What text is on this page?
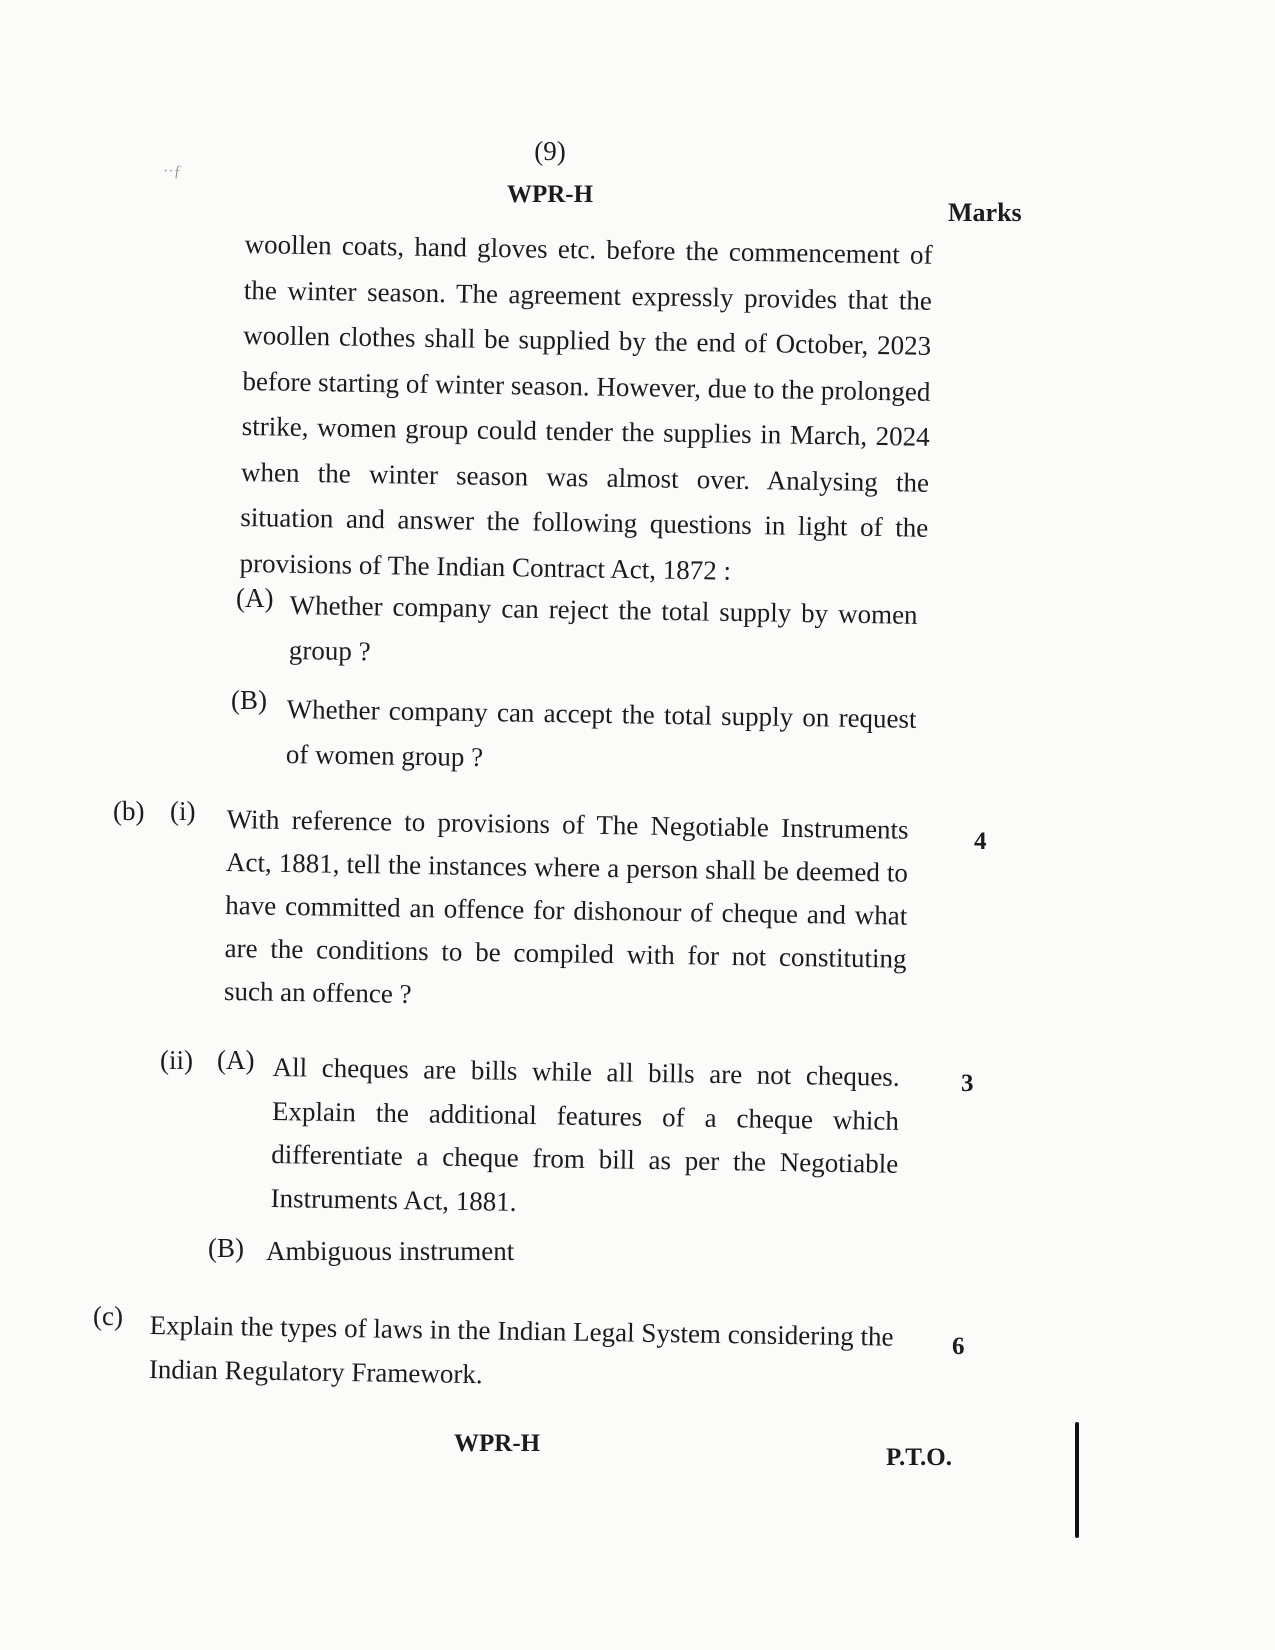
··ƒ
(9)
WPR-H
Marks
woollen coats, hand gloves etc. before the commencement of the winter season. The agreement expressly provides that the woollen clothes shall be supplied by the end of October, 2023 before starting of winter season. However, due to the prolonged strike, women group could tender the supplies in March, 2024 when the winter season was almost over. Analysing the situation and answer the following questions in light of the provisions of The Indian Contract Act, 1872 :
(A) Whether company can reject the total supply by women group ?
(B) Whether company can accept the total supply on request of women group ?
(b) (i) With reference to provisions of The Negotiable Instruments Act, 1881, tell the instances where a person shall be deemed to have committed an offence for dishonour of cheque and what are the conditions to be compiled with for not constituting such an offence ?
4
(ii) (A) All cheques are bills while all bills are not cheques. Explain the additional features of a cheque which differentiate a cheque from bill as per the Negotiable Instruments Act, 1881.
3
(B) Ambiguous instrument
(c) Explain the types of laws in the Indian Legal System considering the Indian Regulatory Framework.
6
WPR-H
P.T.O.
